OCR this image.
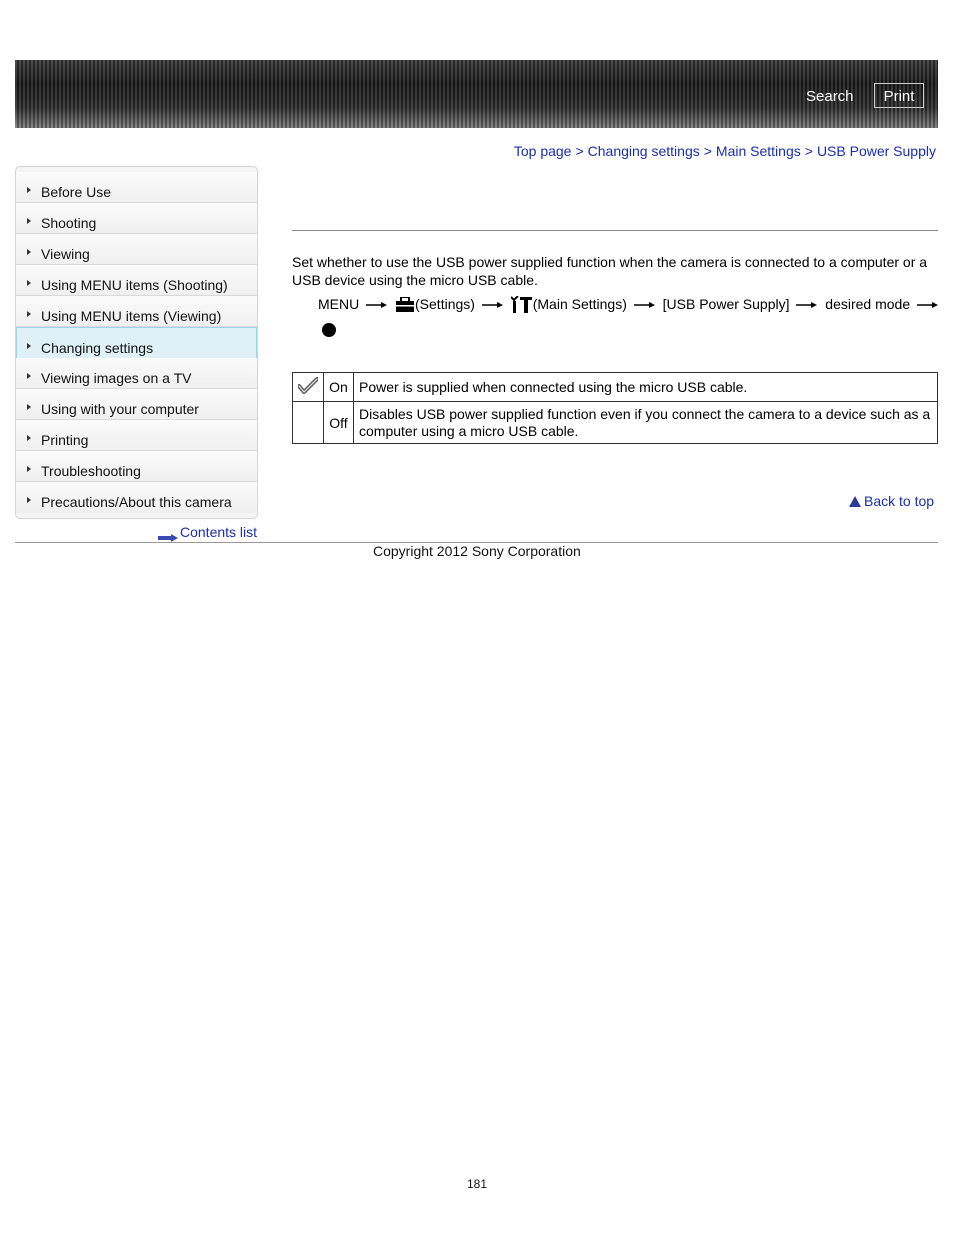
Search	Print
Top page > Changing settings > Main Settings > USB Power Supply
Before Use
Shooting
Viewing
Using MENU items (Shooting)
Using MENU items (Viewing)
Changing settings
Viewing images on a TV
Using with your computer
Printing
Troubleshooting
Precautions/About this camera
Contents list
Set whether to use the USB power supplied function when the camera is connected to a computer or a USB device using the micro USB cable.
MENU	(Settings)	(Main Settings)	[USB Power Supply]	desired mode
	On	Power is supplied when connected using the micro USB cable.
	Off	Disables USB power supplied function even if you connect the camera to a device such as a computer using a micro USB cable.
Back to top
Copyright 2012 Sony Corporation
181
